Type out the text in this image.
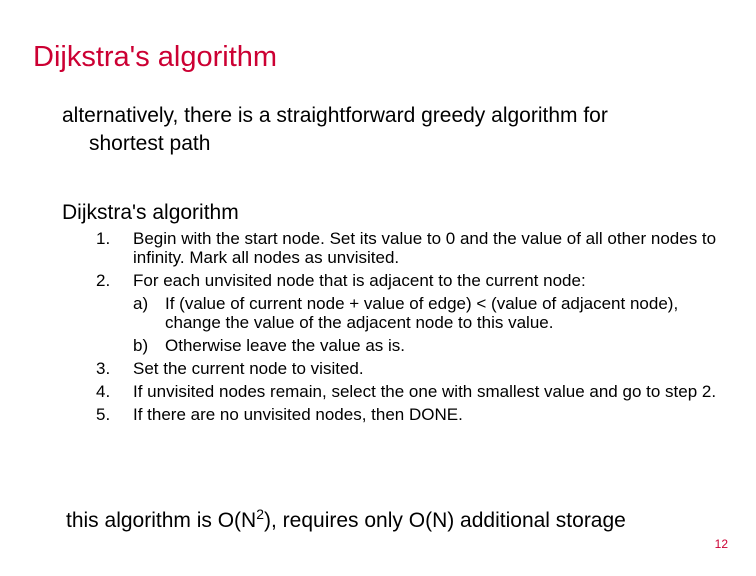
Dijkstra's algorithm
alternatively, there is a straightforward greedy algorithm for
shortest path
Dijkstra's algorithm
1. Begin with the start node. Set its value to 0 and the value of all other nodes to infinity. Mark all nodes as unvisited.
2. For each unvisited node that is adjacent to the current node:
a) If (value of current node + value of edge) < (value of adjacent node), change the value of the adjacent node to this value.
b) Otherwise leave the value as is.
3. Set the current node to visited.
4. If unvisited nodes remain, select the one with smallest value and go to step 2.
5. If there are no unvisited nodes, then DONE.
this algorithm is $O(N^2)$, requires only O(N) additional storage
12
